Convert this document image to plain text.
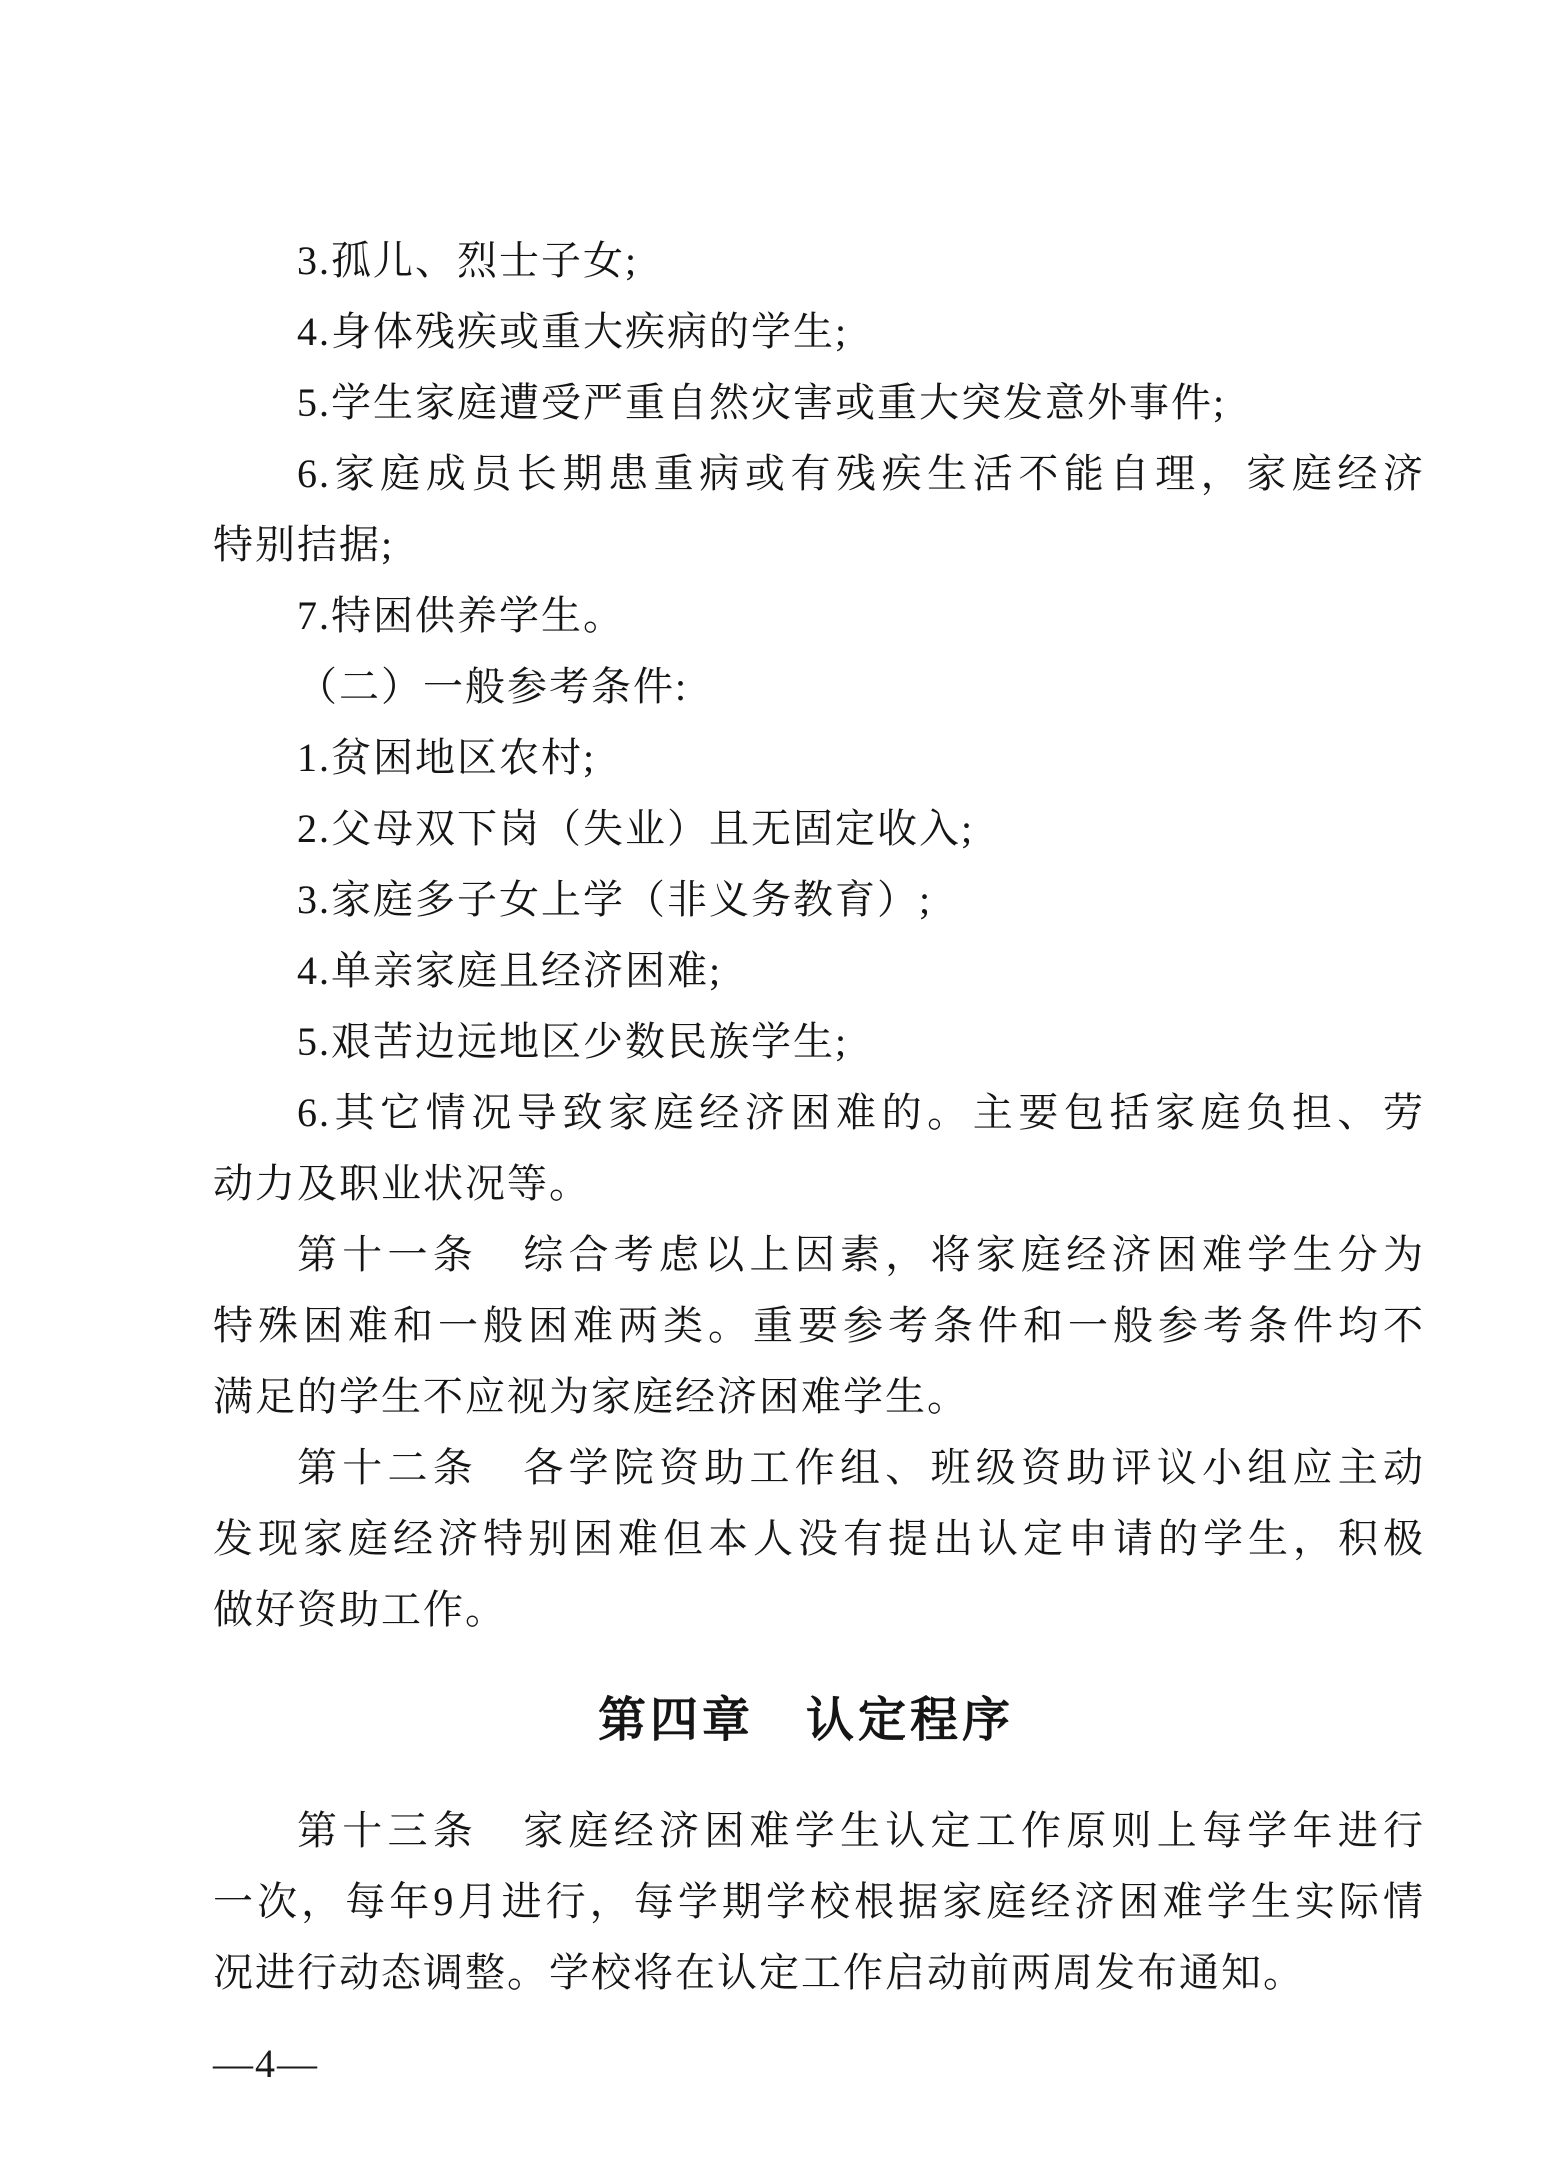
3.孤儿、烈士子女;
4.身体残疾或重大疾病的学生;
5.学生家庭遭受严重自然灾害或重大突发意外事件;
6.家庭成员长期患重病或有残疾生活不能自理，家庭经济
特别拮据;
7.特困供养学生。
（二）一般参考条件:
1.贫困地区农村;
2.父母双下岗（失业）且无固定收入;
3.家庭多子女上学（非义务教育）;
4.单亲家庭且经济困难;
5.艰苦边远地区少数民族学生;
6.其它情况导致家庭经济困难的。主要包括家庭负担、劳
动力及职业状况等。
第十一条　综合考虑以上因素，将家庭经济困难学生分为
特殊困难和一般困难两类。重要参考条件和一般参考条件均不
满足的学生不应视为家庭经济困难学生。
第十二条　各学院资助工作组、班级资助评议小组应主动
发现家庭经济特别困难但本人没有提出认定申请的学生，积极
做好资助工作。
第四章　认定程序
第十三条　家庭经济困难学生认定工作原则上每学年进行
一次，每年9月进行，每学期学校根据家庭经济困难学生实际情
况进行动态调整。学校将在认定工作启动前两周发布通知。
—4—
